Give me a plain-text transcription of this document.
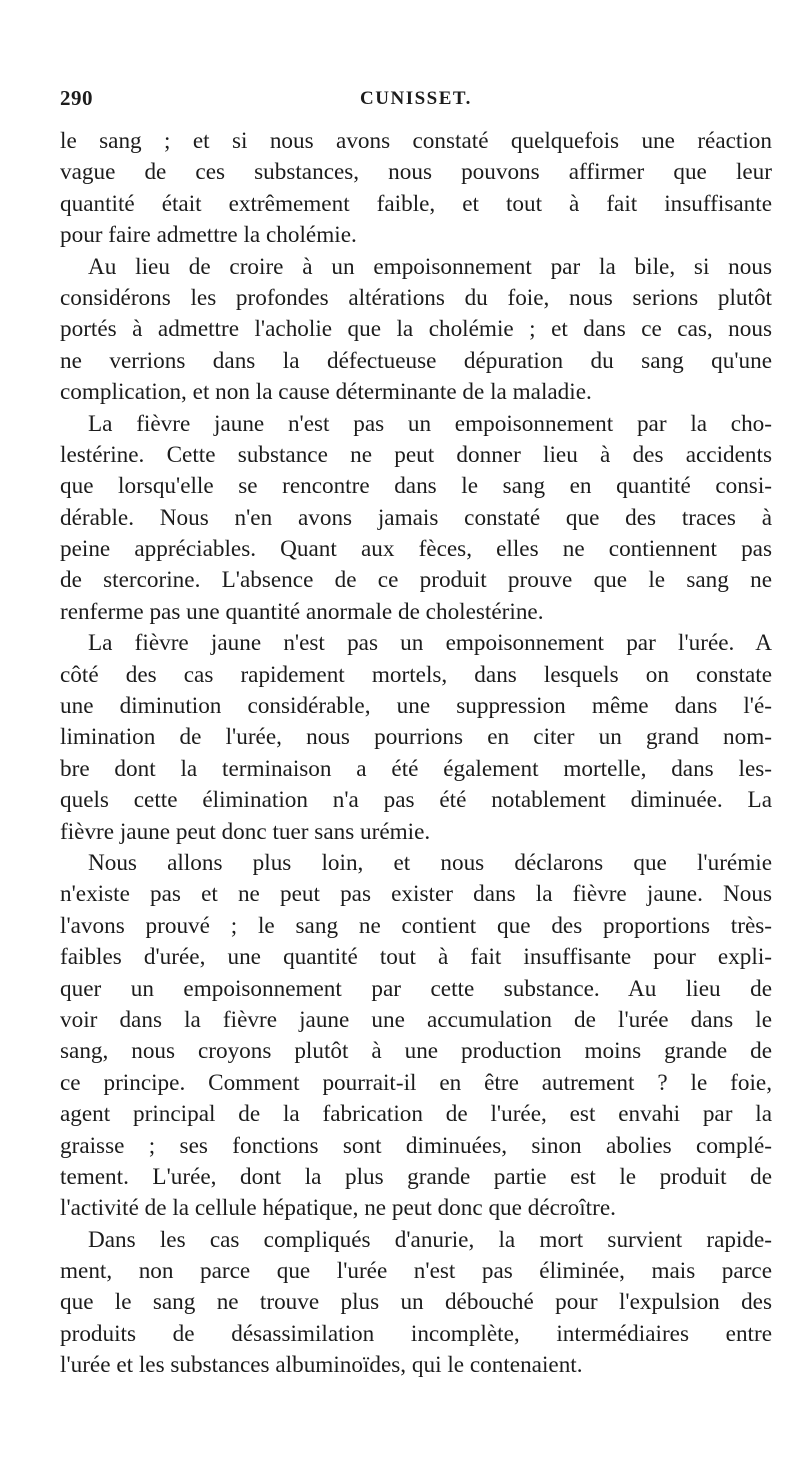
290	CUNISSET.
le sang ; et si nous avons constaté quelquefois une réaction
vague de ces substances, nous pouvons affirmer que leur
quantité était extrêmement faible, et tout à fait insuffisante
pour faire admettre la cholémie.
Au lieu de croire à un empoisonnement par la bile, si nous
considérons les profondes altérations du foie, nous serions plutôt
portés à admettre l'acholie que la cholémie ; et dans ce cas, nous
ne verrions dans la défectueuse dépuration du sang qu'une
complication, et non la cause déterminante de la maladie.
La fièvre jaune n'est pas un empoisonnement par la cho-
lestérine. Cette substance ne peut donner lieu à des accidents
que lorsqu'elle se rencontre dans le sang en quantité consi-
dérable. Nous n'en avons jamais constaté que des traces à
peine appréciables. Quant aux fèces, elles ne contiennent pas
de stercorine. L'absence de ce produit prouve que le sang ne
renferme pas une quantité anormale de cholestérine.
La fièvre jaune n'est pas un empoisonnement par l'urée. A
côté des cas rapidement mortels, dans lesquels on constate
une diminution considérable, une suppression même dans l'é-
limination de l'urée, nous pourrions en citer un grand nom-
bre dont la terminaison a été également mortelle, dans les-
quels cette élimination n'a pas été notablement diminuée. La
fièvre jaune peut donc tuer sans urémie.
Nous allons plus loin, et nous déclarons que l'urémie
n'existe pas et ne peut pas exister dans la fièvre jaune. Nous
l'avons prouvé ; le sang ne contient que des proportions très-
faibles d'urée, une quantité tout à fait insuffisante pour expli-
quer un empoisonnement par cette substance. Au lieu de
voir dans la fièvre jaune une accumulation de l'urée dans le
sang, nous croyons plutôt à une production moins grande de
ce principe. Comment pourrait-il en être autrement ? le foie,
agent principal de la fabrication de l'urée, est envahi par la
graisse ; ses fonctions sont diminuées, sinon abolies complé-
tement. L'urée, dont la plus grande partie est le produit de
l'activité de la cellule hépatique, ne peut donc que décroître.
Dans les cas compliqués d'anurie, la mort survient rapide-
ment, non parce que l'urée n'est pas éliminée, mais parce
que le sang ne trouve plus un débouché pour l'expulsion des
produits de désassimilation incomplète, intermédiaires entre
l'urée et les substances albuminoïdes, qui le contenaient.
